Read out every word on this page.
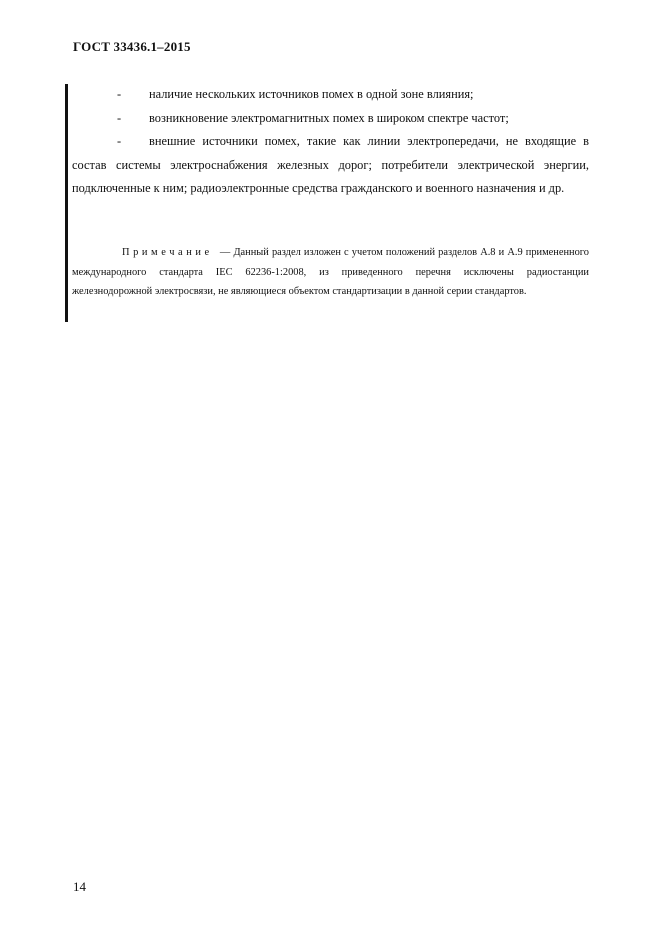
ГОСТ 33436.1–2015

- наличие нескольких источников помех в одной зоне влияния;

- возникновение электромагнитных помех в широком спектре частот;

- внешние источники помех, такие как линии электропередачи, не входящие в состав системы электроснабжения железных дорог; потребители электрической энергии, подключенные к ним; радиоэлектронные средства гражданского и военного назначения и др.

Примечание — Данный раздел изложен с учетом положений разделов А.8 и А.9 примененного международного стандарта IEC 62236-1:2008, из приведенного перечня исключены радиостанции железнодорожной электросвязи, не являющиеся объектом стандартизации в данной серии стандартов.
14
